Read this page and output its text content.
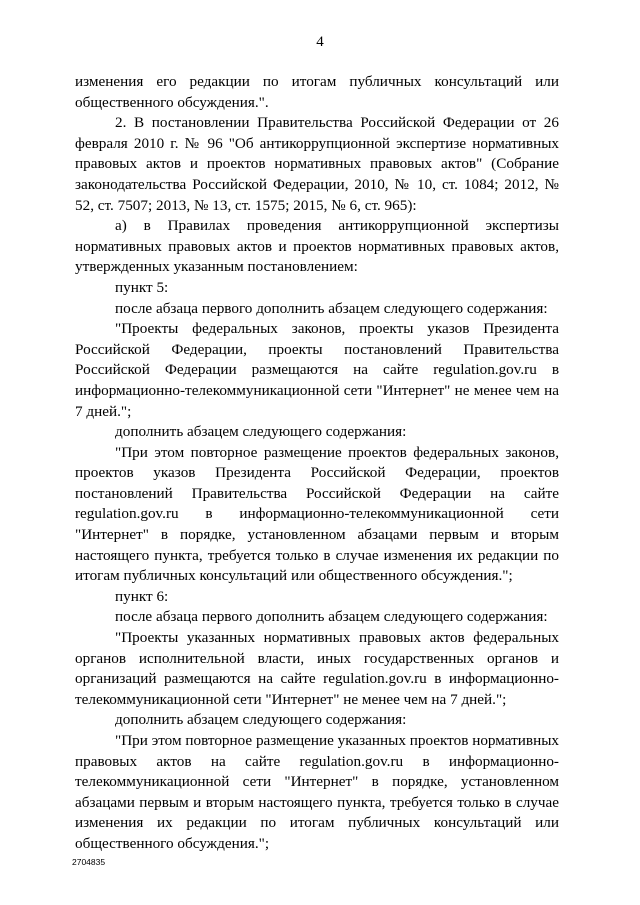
4

изменения его редакции по итогам публичных консультаций или общественного обсуждения.".

2. В постановлении Правительства Российской Федерации от 26 февраля 2010 г. № 96 "Об антикоррупционной экспертизе нормативных правовых актов и проектов нормативных правовых актов" (Собрание законодательства Российской Федерации, 2010, № 10, ст. 1084; 2012, № 52, ст. 7507; 2013, № 13, ст. 1575; 2015, № 6, ст. 965):

а) в Правилах проведения антикоррупционной экспертизы нормативных правовых актов и проектов нормативных правовых актов, утвержденных указанным постановлением:

пункт 5:

после абзаца первого дополнить абзацем следующего содержания:

"Проекты федеральных законов, проекты указов Президента Российской Федерации, проекты постановлений Правительства Российской Федерации размещаются на сайте regulation.gov.ru в информационно-телекоммуникационной сети "Интернет" не менее чем на 7 дней.";

дополнить абзацем следующего содержания:

"При этом повторное размещение проектов федеральных законов, проектов указов Президента Российской Федерации, проектов постановлений Правительства Российской Федерации на сайте regulation.gov.ru в информационно-телекоммуникационной сети "Интернет" в порядке, установленном абзацами первым и вторым настоящего пункта, требуется только в случае изменения их редакции по итогам публичных консультаций или общественного обсуждения.";

пункт 6:

после абзаца первого дополнить абзацем следующего содержания:

"Проекты указанных нормативных правовых актов федеральных органов исполнительной власти, иных государственных органов и организаций размещаются на сайте regulation.gov.ru в информационно-телекоммуникационной сети "Интернет" не менее чем на 7 дней.";

дополнить абзацем следующего содержания:

"При этом повторное размещение указанных проектов нормативных правовых актов на сайте regulation.gov.ru в информационно-телекоммуникационной сети "Интернет" в порядке, установленном абзацами первым и вторым настоящего пункта, требуется только в случае изменения их редакции по итогам публичных консультаций или общественного обсуждения.";

2704835
